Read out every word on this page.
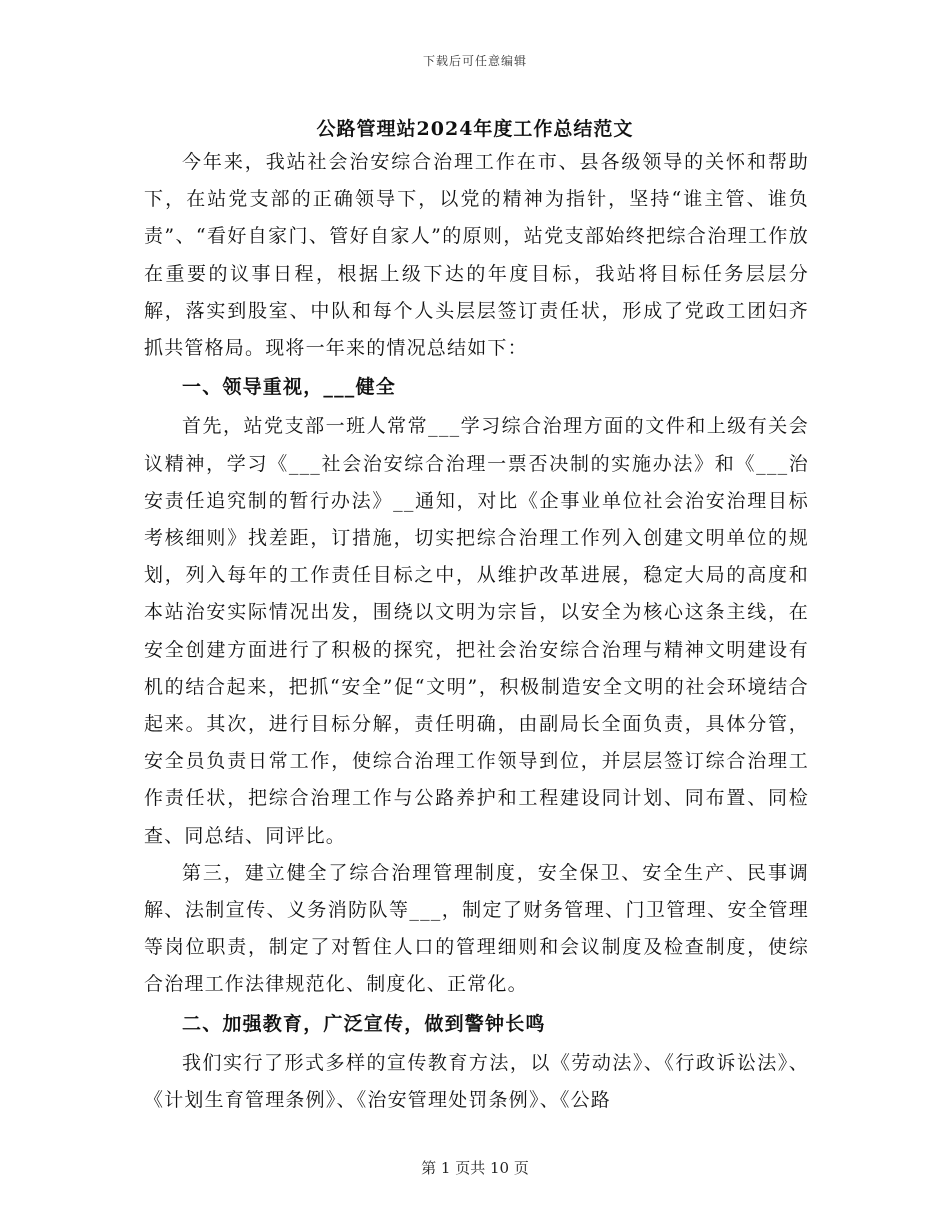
下载后可任意编辑
公路管理站2024年度工作总结范文

今年来，我站社会治安综合治理工作在市、县各级领导的关怀和帮助下，在站党支部的正确领导下，以党的精神为指针，坚持“谁主管、谁负责”、“看好自家门、管好自家人”的原则，站党支部始终把综合治理工作放在重要的议事日程，根据上级下达的年度目标，我站将目标任务层层分解，落实到股室、中队和每个人头层层签订责任状，形成了党政工团妇齐抓共管格局。现将一年来的情况总结如下：

一、领导重视，___健全

首先，站党支部一班人常常___学习综合治理方面的文件和上级有关会议精神，学习《___社会治安综合治理一票否决制的实施办法》和《___治安责任追究制的暂行办法》__通知，对比《企事业单位社会治安治理目标考核细则》找差距，订措施，切实把综合治理工作列入创建文明单位的规划，列入每年的工作责任目标之中，从维护改革进展，稳定大局的高度和本站治安实际情况出发，围绕以文明为宗旨，以安全为核心这条主线，在安全创建方面进行了积极的探究，把社会治安综合治理与精神文明建设有机的结合起来，把抓“安全”促“文明”，积极制造安全文明的社会环境结合起来。其次，进行目标分解，责任明确，由副局长全面负责，具体分管，安全员负责日常工作，使综合治理工作领导到位，并层层签订综合治理工作责任状，把综合治理工作与公路养护和工程建设同计划、同布置、同检查、同总结、同评比。

第三，建立健全了综合治理管理制度，安全保卫、安全生产、民事调解、法制宣传、义务消防队等___，制定了财务管理、门卫管理、安全管理等岗位职责，制定了对暂住人口的管理细则和会议制度及检查制度，使综合治理工作法律规范化、制度化、正常化。

二、加强教育，广泛宣传，做到警钟长鸣

我们实行了形式多样的宣传教育方法，以《劳动法》、《行政诉讼法》、《计划生育管理条例》、《治安管理处罚条例》、《公路

第 1 页共 10 页
